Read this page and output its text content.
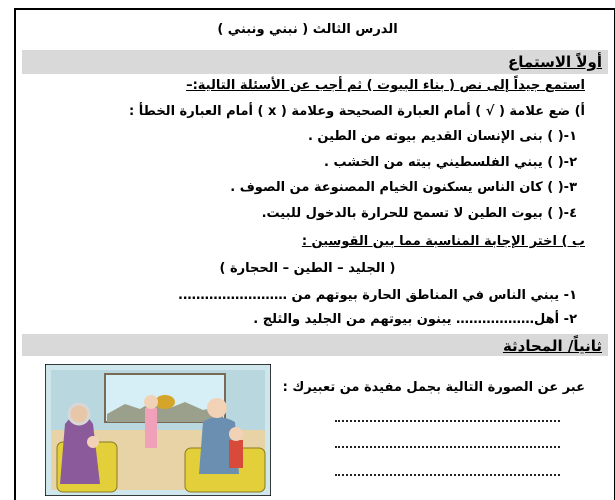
الدرس الثالث ( نبني ونبني )
أولاً الاستماع
استمع جيداً إلى نص ( بناء البيوت ) ثم أجب عن الأسئلة التالية:–
أ) ضع علامة ( √ ) أمام العبارة الصحيحة وعلامة ( x ) أمام العبارة الخطأ :
١-( ) بنى الإنسان القديم بيوته من الطين .
٢-( ) يبني الفلسطيني بيته من الخشب .
٣-( ) كان الناس يسكنون الخيام المصنوعة من الصوف .
٤-( ) بيوت الطين لا تسمح للحرارة بالدخول للبيت.
ب ) اختر الإجابة المناسبة مما بين القوسين :
( الجليد – الطين – الحجارة )
١- يبني الناس في المناطق الحارة بيوتهم من …………………….
٢- أهل……………… يبنون بيوتهم من الجليد والثلج .
ثانياً/ المحادثة
عبر عن الصورة التالية بجمل مفيدة من تعبيرك :
